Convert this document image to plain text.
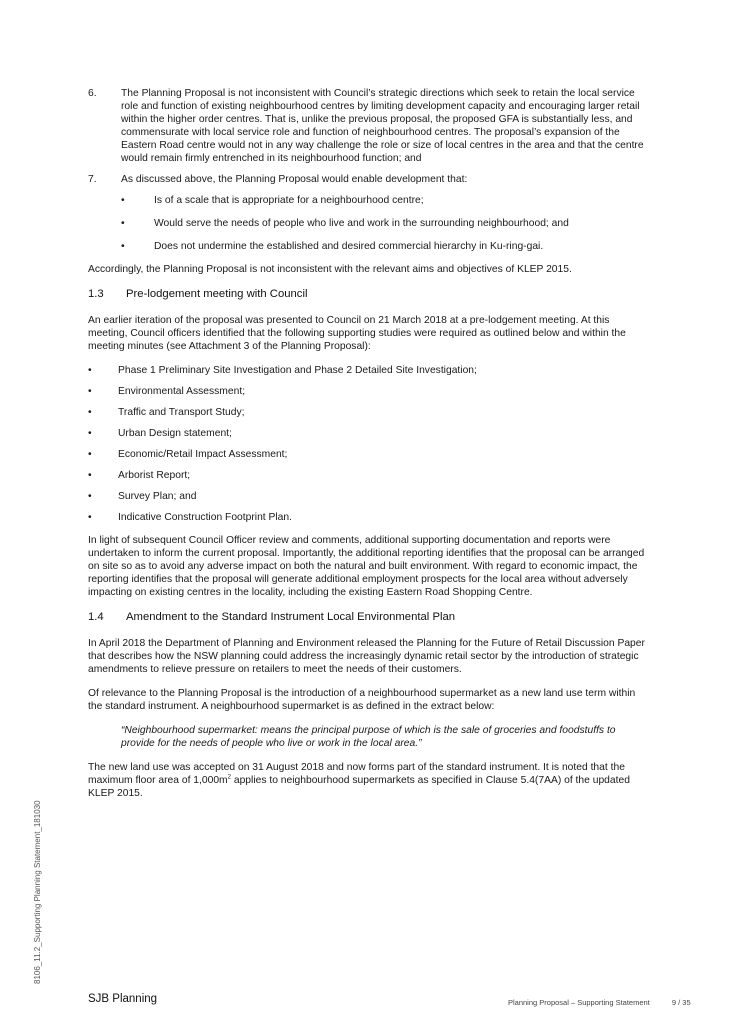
6. The Planning Proposal is not inconsistent with Council’s strategic directions which seek to retain the local service role and function of existing neighbourhood centres by limiting development capacity and encouraging larger retail within the higher order centres. That is, unlike the previous proposal, the proposed GFA is substantially less, and commensurate with local service role and function of neighbourhood centres. The proposal’s expansion of the Eastern Road centre would not in any way challenge the role or size of local centres in the area and that the centre would remain firmly entrenched in its neighbourhood function; and

7. As discussed above, the Planning Proposal would enable development that:

•	Is of a scale that is appropriate for a neighbourhood centre;
•	Would serve the needs of people who live and work in the surrounding neighbourhood; and
•	Does not undermine the established and desired commercial hierarchy in Ku-ring-gai.

Accordingly, the Planning Proposal is not inconsistent with the relevant aims and objectives of KLEP 2015.

1.3 Pre-lodgement meeting with Council

An earlier iteration of the proposal was presented to Council on 21 March 2018 at a pre-lodgement meeting. At this meeting, Council officers identified that the following supporting studies were required as outlined below and within the meeting minutes (see Attachment 3 of the Planning Proposal):

•	Phase 1 Preliminary Site Investigation and Phase 2 Detailed Site Investigation;
•	Environmental Assessment;
•	Traffic and Transport Study;
•	Urban Design statement;
•	Economic/Retail Impact Assessment;
•	Arborist Report;
•	Survey Plan; and
•	Indicative Construction Footprint Plan.

In light of subsequent Council Officer review and comments, additional supporting documentation and reports were undertaken to inform the current proposal. Importantly, the additional reporting identifies that the proposal can be arranged on site so as to avoid any adverse impact on both the natural and built environment. With regard to economic impact, the reporting identifies that the proposal will generate additional employment prospects for the local area without adversely impacting on existing centres in the locality, including the existing Eastern Road Shopping Centre.

1.4 Amendment to the Standard Instrument Local Environmental Plan

In April 2018 the Department of Planning and Environment released the Planning for the Future of Retail Discussion Paper that describes how the NSW planning could address the increasingly dynamic retail sector by the introduction of strategic amendments to relieve pressure on retailers to meet the needs of their customers.

Of relevance to the Planning Proposal is the introduction of a neighbourhood supermarket as a new land use term within the standard instrument. A neighbourhood supermarket is as defined in the extract below:

“Neighbourhood supermarket: means the principal purpose of which is the sale of groceries and foodstuffs to provide for the needs of people who live or work in the local area.”

The new land use was accepted on 31 August 2018 and now forms part of the standard instrument. It is noted that the maximum floor area of $1,000m^2$ applies to neighbourhood supermarkets as specified in Clause 5.4(7AA) of the updated KLEP 2015.

8106_11.2_Supporting Planning Statement_181030
SJB Planning	Planning Proposal – Supporting Statement	9 / 35
